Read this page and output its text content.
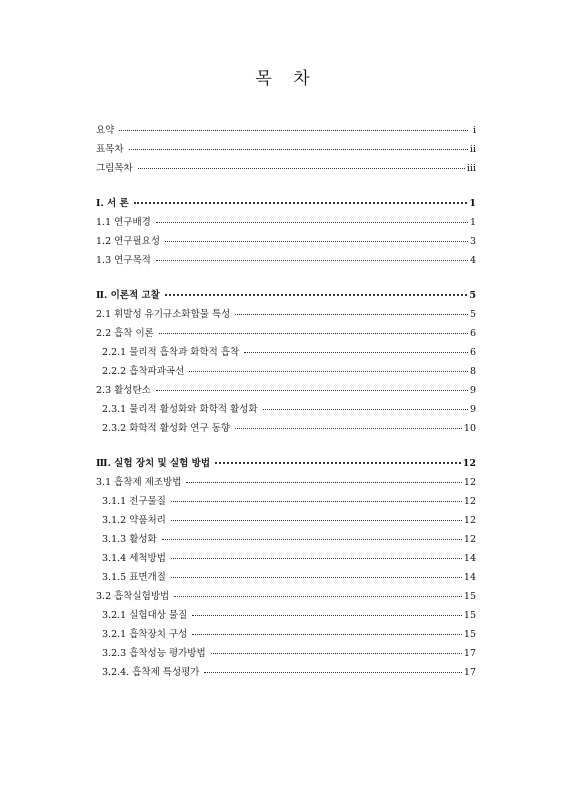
목 차
요약	i
표목차	ii
그림목차	iii
Ⅰ. 서 론	1
1.1 연구배경	1
1.2 연구필요성	3
1.3 연구목적	4
Ⅱ. 이론적 고찰	5
2.1 휘발성 유기규소화합물 특성	5
2.2 흡착 이론	6
2.2.1 물리적 흡착과 화학적 흡착	6
2.2.2 흡착파과곡선	8
2.3 활성탄소	9
2.3.1 물리적 활성화와 화학적 활성화	9
2.3.2 화학적 활성화 연구 동향	10
Ⅲ. 실험 장치 및 실험 방법	12
3.1 흡착제 제조방법	12
3.1.1 전구물질	12
3.1.2 약품처리	12
3.1.3 활성화	12
3.1.4 세척방법	14
3.1.5 표면개질	14
3.2 흡착실험방법	15
3.2.1 실험대상 물질	15
3.2.1 흡착장치 구성	15
3.2.3 흡착성능 평가방법	17
3.2.4. 흡착제 특성평가	17
